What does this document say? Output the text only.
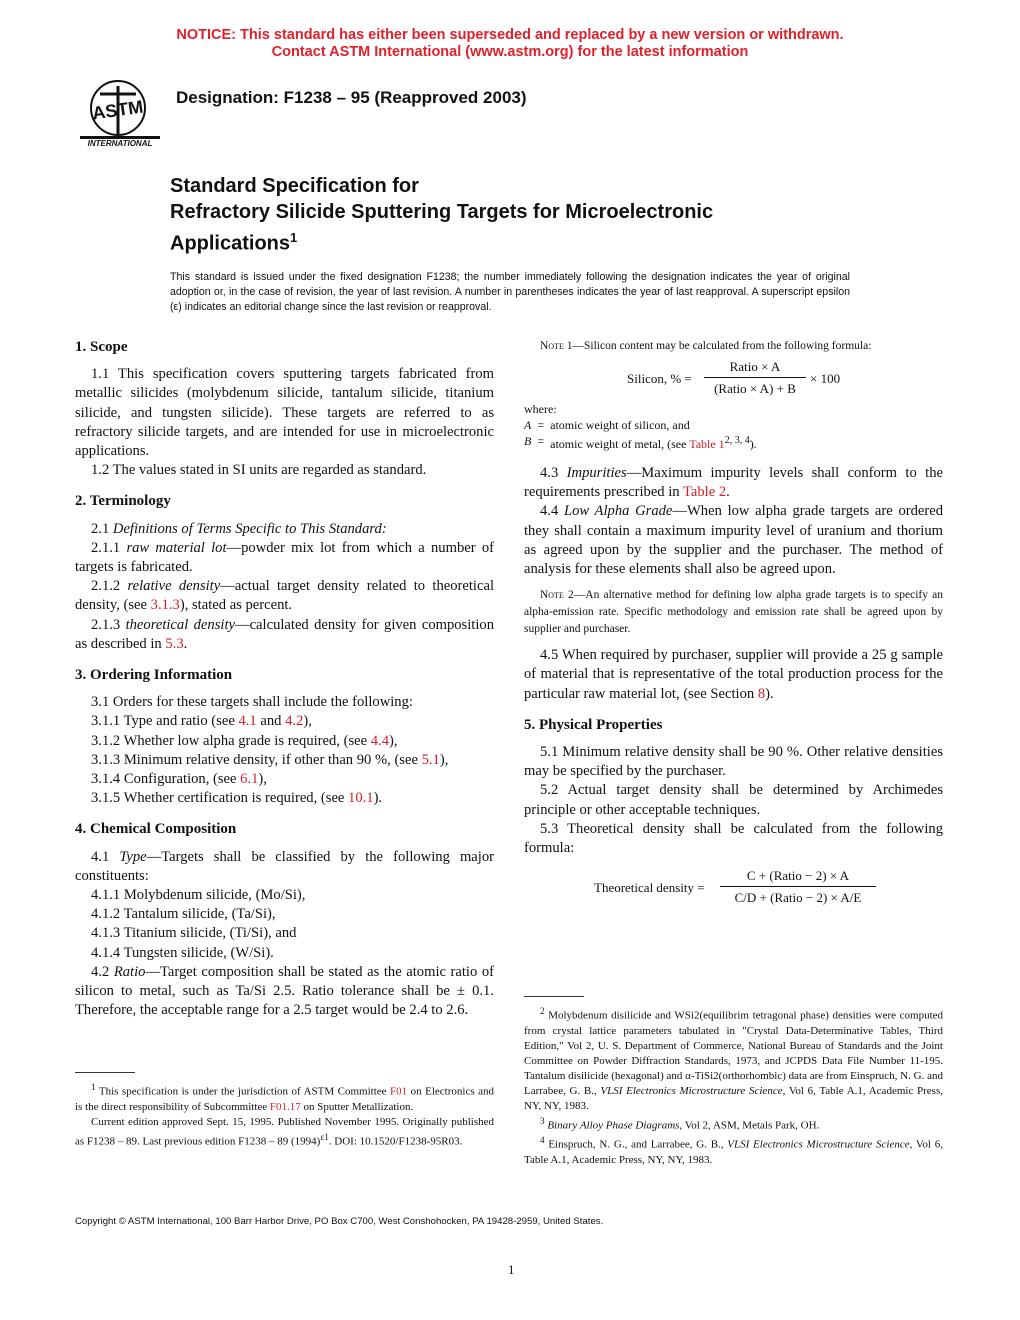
NOTICE: This standard has either been superseded and replaced by a new version or withdrawn.
Contact ASTM International (www.astm.org) for the latest information
ASTM
INTERNATIONAL
Designation: F1238 – 95 (Reapproved 2003)
Standard Specification for
Refractory Silicide Sputtering Targets for Microelectronic
Applications$^1$
This standard is issued under the fixed designation F1238; the number immediately following the designation indicates the year of original adoption or, in the case of revision, the year of last revision. A number in parentheses indicates the year of last reapproval. A superscript epsilon (ε) indicates an editorial change since the last revision or reapproval.
1. Scope

1.1 This specification covers sputtering targets fabricated from metallic silicides (molybdenum silicide, tantalum silicide, titanium silicide, and tungsten silicide). These targets are referred to as refractory silicide targets, and are intended for use in microelectronic applications.

1.2 The values stated in SI units are regarded as standard.

2. Terminology

2.1 Definitions of Terms Specific to This Standard:

2.1.1 raw material lot—powder mix lot from which a number of targets is fabricated.

2.1.2 relative density—actual target density related to theoretical density, (see 3.1.3), stated as percent.

2.1.3 theoretical density—calculated density for given composition as described in 5.3.

3. Ordering Information

3.1 Orders for these targets shall include the following:

3.1.1 Type and ratio (see 4.1 and 4.2),

3.1.2 Whether low alpha grade is required, (see 4.4),

3.1.3 Minimum relative density, if other than 90 %, (see 5.1),

3.1.4 Configuration, (see 6.1),

3.1.5 Whether certification is required, (see 10.1).

4. Chemical Composition

4.1 Type—Targets shall be classified by the following major constituents:

4.1.1 Molybdenum silicide, (Mo/Si),

4.1.2 Tantalum silicide, (Ta/Si),

4.1.3 Titanium silicide, (Ti/Si), and

4.1.4 Tungsten silicide, (W/Si).

4.2 Ratio—Target composition shall be stated as the atomic ratio of silicon to metal, such as Ta/Si 2.5. Ratio tolerance shall be ± 0.1. Therefore, the acceptable range for a 2.5 target would be 2.4 to 2.6.

$^1$ This specification is under the jurisdiction of ASTM Committee F01 on Electronics and is the direct responsibility of Subcommittee F01.17 on Sputter Metallization.

Current edition approved Sept. 15, 1995. Published November 1995. Originally published as F1238 – 89. Last previous edition F1238 – 89 $(1994)^{\varepsilon 1}$. DOI: 10.1520/F1238-95R03.

Note 1—Silicon content may be calculated from the following formula:

Silicon, % =
Ratio × A
(Ratio × A) + B
× 100
where:
A	=	atomic weight of silicon, and
B	=	atomic weight of metal, (see Table 1$^{2, 3, 4}$).

4.3 Impurities—Maximum impurity levels shall conform to the requirements prescribed in Table 2.

4.4 Low Alpha Grade—When low alpha grade targets are ordered they shall contain a maximum impurity level of uranium and thorium as agreed upon by the supplier and the purchaser. The method of analysis for these elements shall also be agreed upon.

Note 2—An alternative method for defining low alpha grade targets is to specify an alpha-emission rate. Specific methodology and emission rate shall be agreed upon by supplier and purchaser.

4.5 When required by purchaser, supplier will provide a 25 g sample of material that is representative of the total production process for the particular raw material lot, (see Section 8).

5. Physical Properties

5.1 Minimum relative density shall be 90 %. Other relative densities may be specified by the purchaser.

5.2 Actual target density shall be determined by Archimedes principle or other acceptable techniques.

5.3 Theoretical density shall be calculated from the following formula:

Theoretical density =
C + (Ratio − 2) × A
C/D + (Ratio − 2) × A/E

$^2$ Molybdenum disilicide and WSi2(equilibrim tetragonal phase) densities were computed from crystal lattice parameters tabulated in "Crystal Data-Determinative Tables, Third Edition," Vol 2, U. S. Department of Commerce, National Bureau of Standards and the Joint Committee on Powder Diffraction Standards, 1973, and JCPDS Data File Number 11-195. Tantalum disilicide (hexagonal) and α-TiSi2(orthorhombic) data are from Einspruch, N. G. and Larrabee, G. B., VLSI Electronics Microstructure Science, Vol 6, Table A.1, Academic Press, NY, NY, 1983.

$^3$ Binary Alloy Phase Diagrams, Vol 2, ASM, Metals Park, OH.

$^4$ Einspruch, N. G., and Larrabee, G. B., VLSI Electronics Microstructure Science, Vol 6, Table A.1, Academic Press, NY, NY, 1983.

Copyright © ASTM International, 100 Barr Harbor Drive, PO Box C700, West Conshohocken, PA 19428-2959, United States.
1
